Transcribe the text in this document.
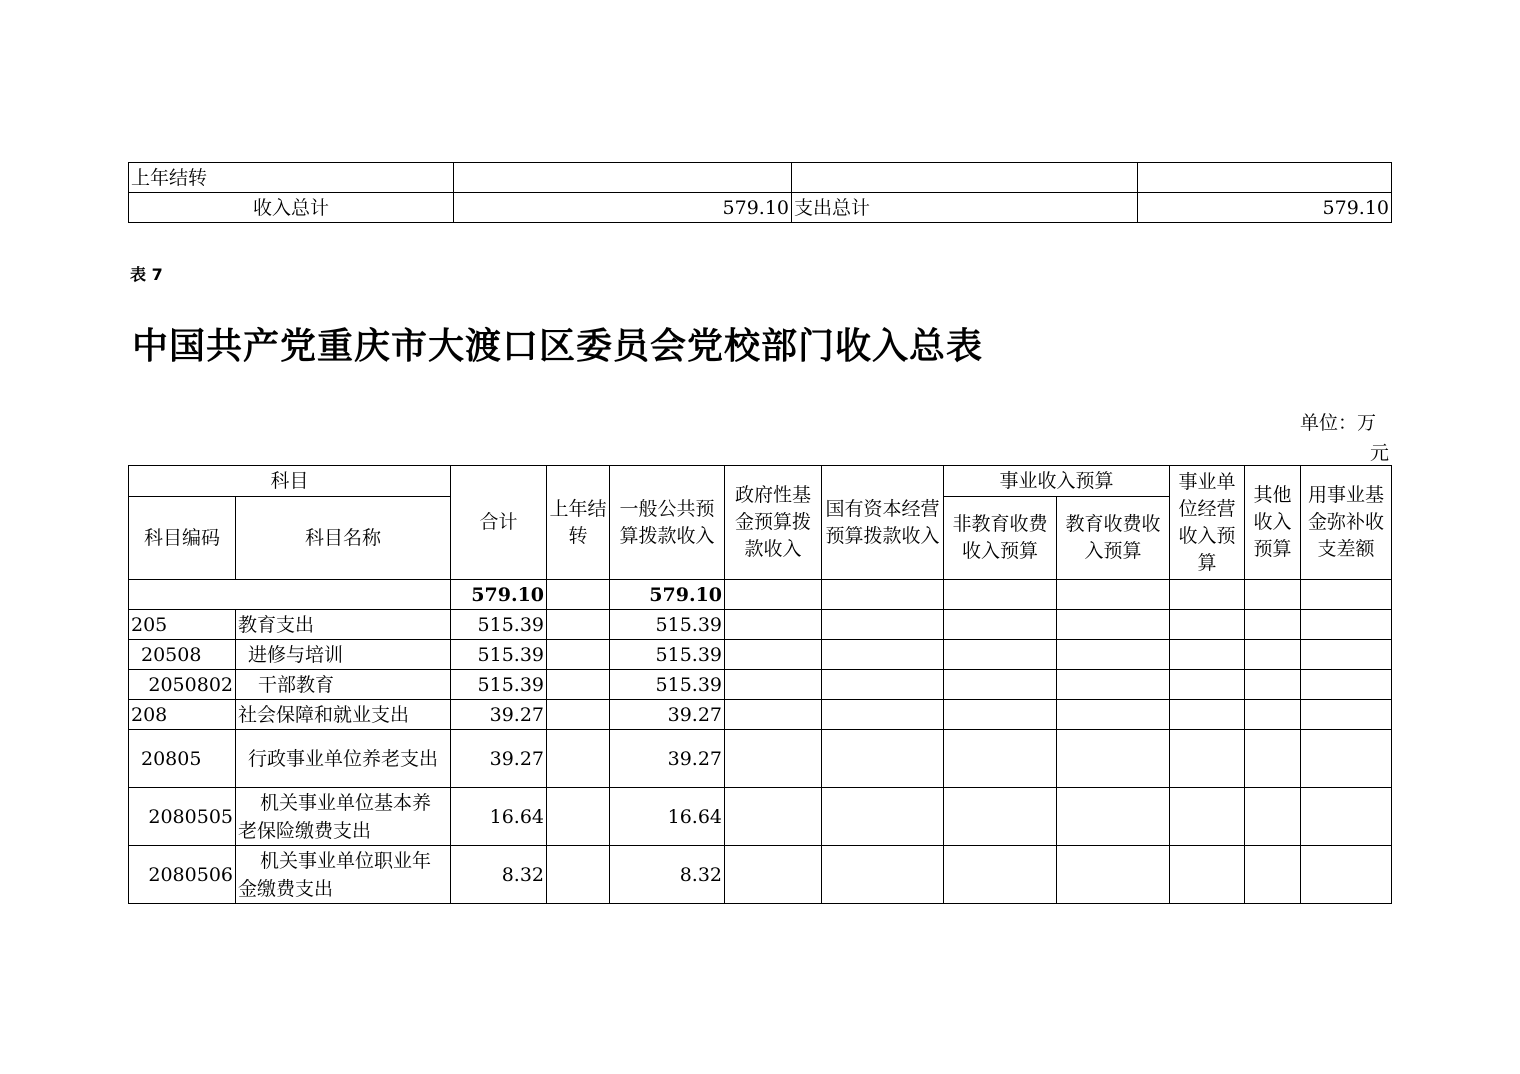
上年结转			
收入总计	579.10	支出总计	579.10
表 7
中国共产党重庆市大渡口区委员会党校部门收入总表
单位：万
元
科目		合计	上年结转	一般公共预算拨款收入	政府性基金预算拨款收入	国有资本经营预算拨款收入	事业收入预算		事业单位经营收入预算	其他收入预算	用事业基金弥补收支差额
科目编码	科目名称						非教育收费收入预算	教育收费收入预算			
		579.10		579.10							
205	教育支出	515.39		515.39							
20508	进修与培训	515.39		515.39							
2050802	干部教育	515.39		515.39							
208	社会保障和就业支出	39.27		39.27							
20805	行政事业单位养老支出	39.27		39.27							
2080505	机关事业单位基本养老保险缴费支出	16.64		16.64							
2080506	机关事业单位职业年金缴费支出	8.32		8.32							
